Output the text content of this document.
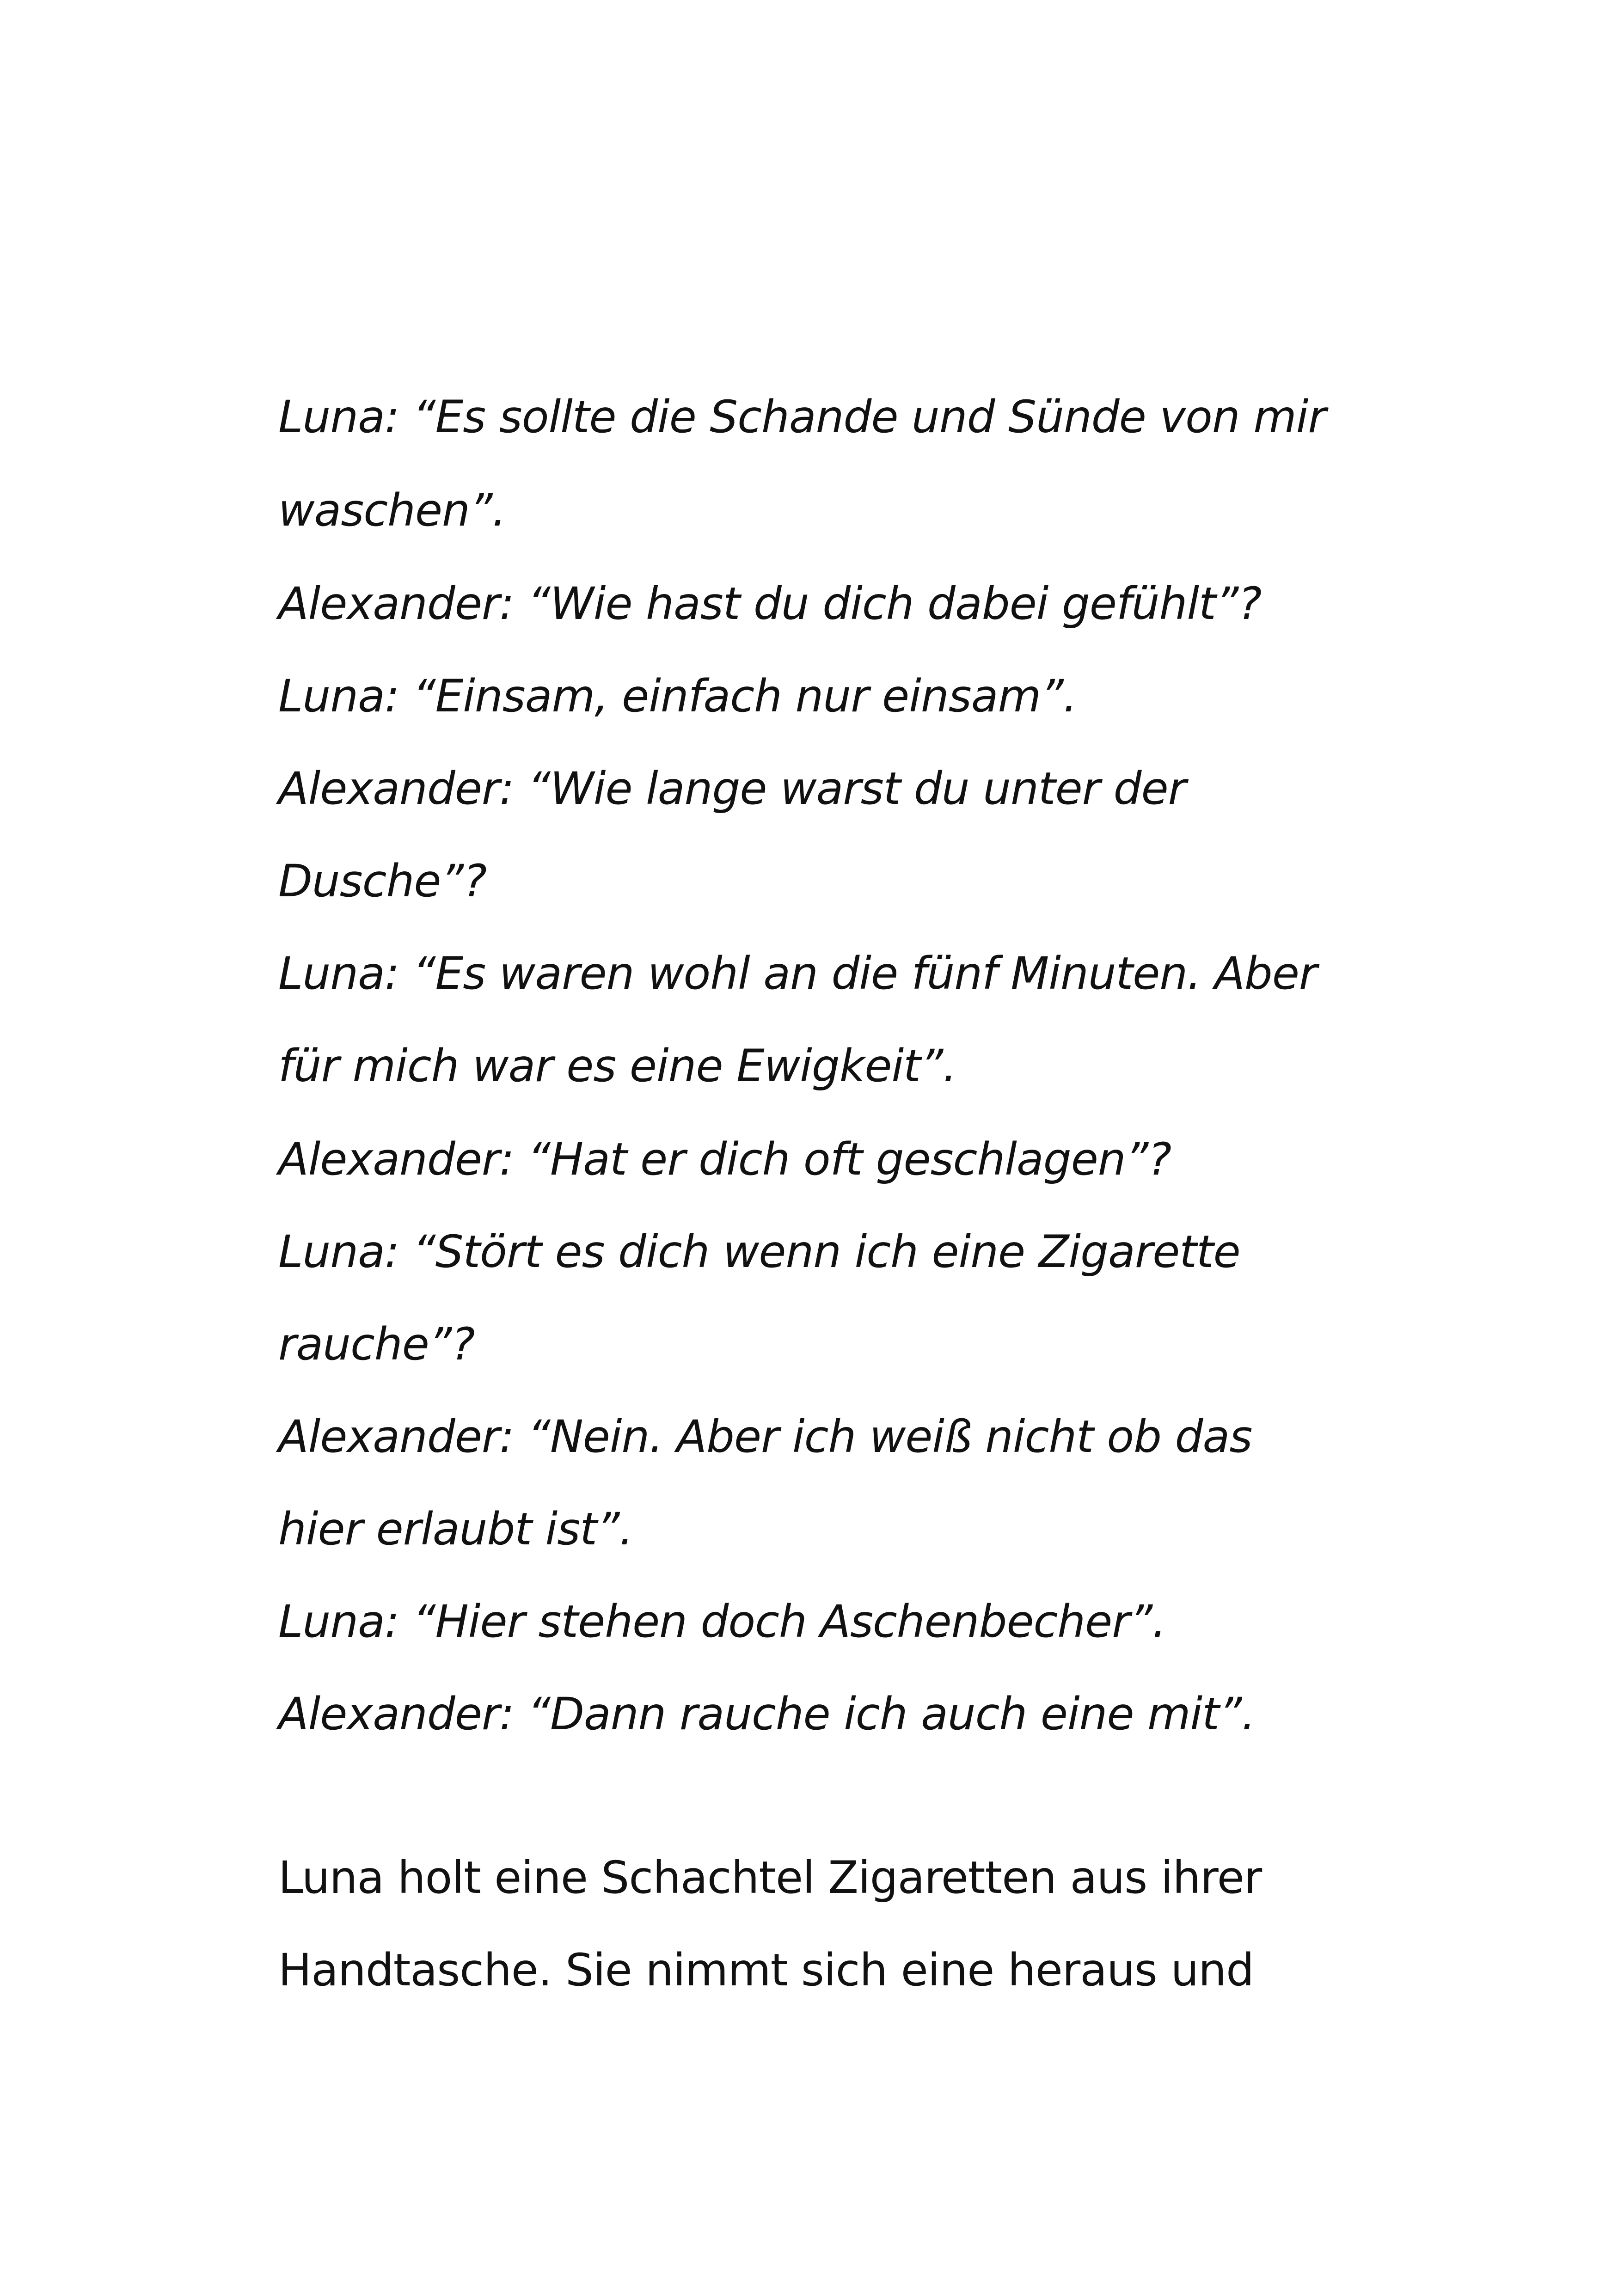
Luna: “Es sollte die Schande und Sünde von mir
waschen”.
Alexander: “Wie hast du dich dabei gefühlt”?
Luna: “Einsam, einfach nur einsam”.
Alexander: “Wie lange warst du unter der
Dusche”?
Luna: “Es waren wohl an die fünf Minuten. Aber
für mich war es eine Ewigkeit”.
Alexander: “Hat er dich oft geschlagen”?
Luna: “Stört es dich wenn ich eine Zigarette
rauche”?
Alexander: “Nein. Aber ich weiß nicht ob das
hier erlaubt ist”.
Luna: “Hier stehen doch Aschenbecher”.
Alexander: “Dann rauche ich auch eine mit”.
Luna holt eine Schachtel Zigaretten aus ihrer
Handtasche. Sie nimmt sich eine heraus und
